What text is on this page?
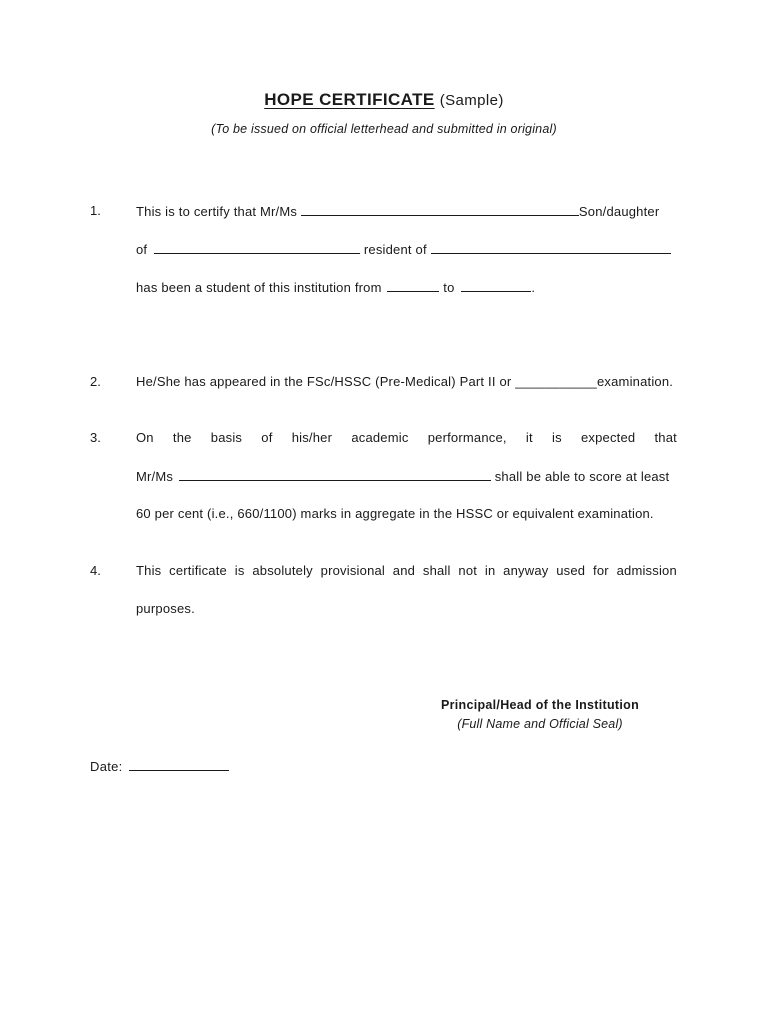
HOPE CERTIFICATE (Sample)
(To be issued on official letterhead and submitted in original)
1.	This is to certify that Mr/Ms	Son/daughter
of	resident of
has been a student of this institution from	to	.
2.	He/She has appeared in the FSc/HSSC (Pre-Medical) Part II or ___________examination.
3.	On the basis of his/her academic performance, it is expected that
Mr/Ms	shall be able to score at least
60 per cent (i.e., 660/1100) marks in aggregate in the HSSC or equivalent examination.
4.	This certificate is absolutely provisional and shall not in anyway used for admission
purposes.
Principal/Head of the Institution
(Full Name and Official Seal)
Date:
